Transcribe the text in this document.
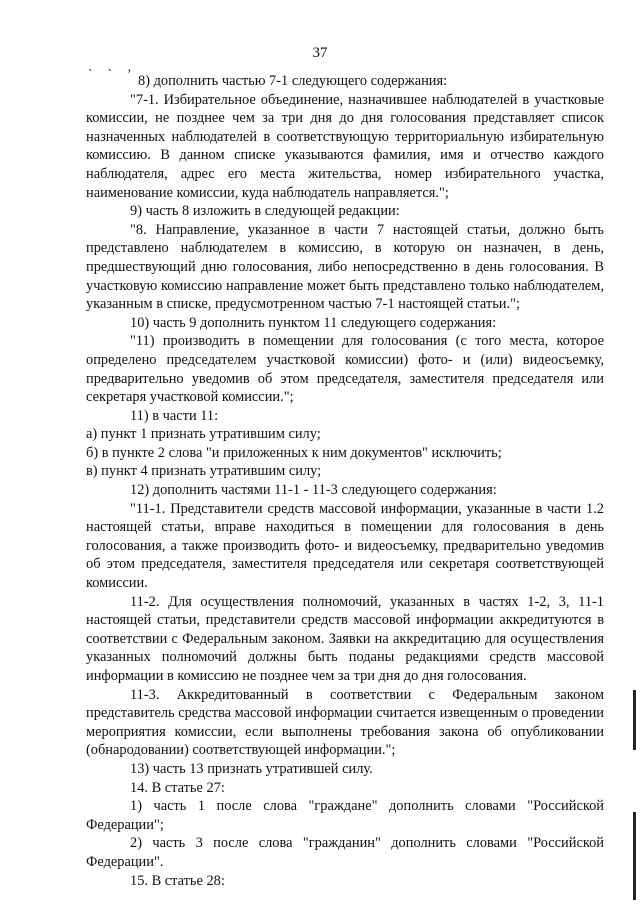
37
` ` ’ 8) дополнить частью 7-1 следующего содержания:

"7-1. Избирательное объединение, назначившее наблюдателей в участковые комиссии, не позднее чем за три дня до дня голосования представляет список назначенных наблюдателей в соответствующую территориальную избирательную комиссию. В данном списке указываются фамилия, имя и отчество каждого наблюдателя, адрес его места жительства, номер избирательного участка, наименование комиссии, куда наблюдатель направляется.";

9) часть 8 изложить в следующей редакции:

"8. Направление, указанное в части 7 настоящей статьи, должно быть представлено наблюдателем в комиссию, в которую он назначен, в день, предшествующий дню голосования, либо непосредственно в день голосования. В участковую комиссию направление может быть представлено только наблюдателем, указанным в списке, предусмотренном частью 7-1 настоящей статьи.";

10) часть 9 дополнить пунктом 11 следующего содержания:

"11) производить в помещении для голосования (с того места, которое определено председателем участковой комиссии) фото- и (или) видеосъемку, предварительно уведомив об этом председателя, заместителя председателя или секретаря участковой комиссии.";

11) в части 11:

а) пункт 1 признать утратившим силу;

б) в пункте 2 слова "и приложенных к ним документов" исключить;

в) пункт 4 признать утратившим силу;

12) дополнить частями 11-1 - 11-3 следующего содержания:

"11-1. Представители средств массовой информации, указанные в части 1.2 настоящей статьи, вправе находиться в помещении для голосования в день голосования, а также производить фото- и видеосъемку, предварительно уведомив об этом председателя, заместителя председателя или секретаря соответствующей комиссии.

11-2. Для осуществления полномочий, указанных в частях 1-2, 3, 11-1 настоящей статьи, представители средств массовой информации аккредитуются в соответствии с Федеральным законом. Заявки на аккредитацию для осуществления указанных полномочий должны быть поданы редакциями средств массовой информации в комиссию не позднее чем за три дня до дня голосования.

11-3. Аккредитованный в соответствии с Федеральным законом представитель средства массовой информации считается извещенным о проведении мероприятия комиссии, если выполнены требования закона об опубликовании (обнародовании) соответствующей информации.";

13) часть 13 признать утратившей силу.

14. В статье 27:

1) часть 1 после слова "граждане" дополнить словами "Российской Федерации";

2) часть 3 после слова "гражданин" дополнить словами "Российской Федерации".

15. В статье 28:
